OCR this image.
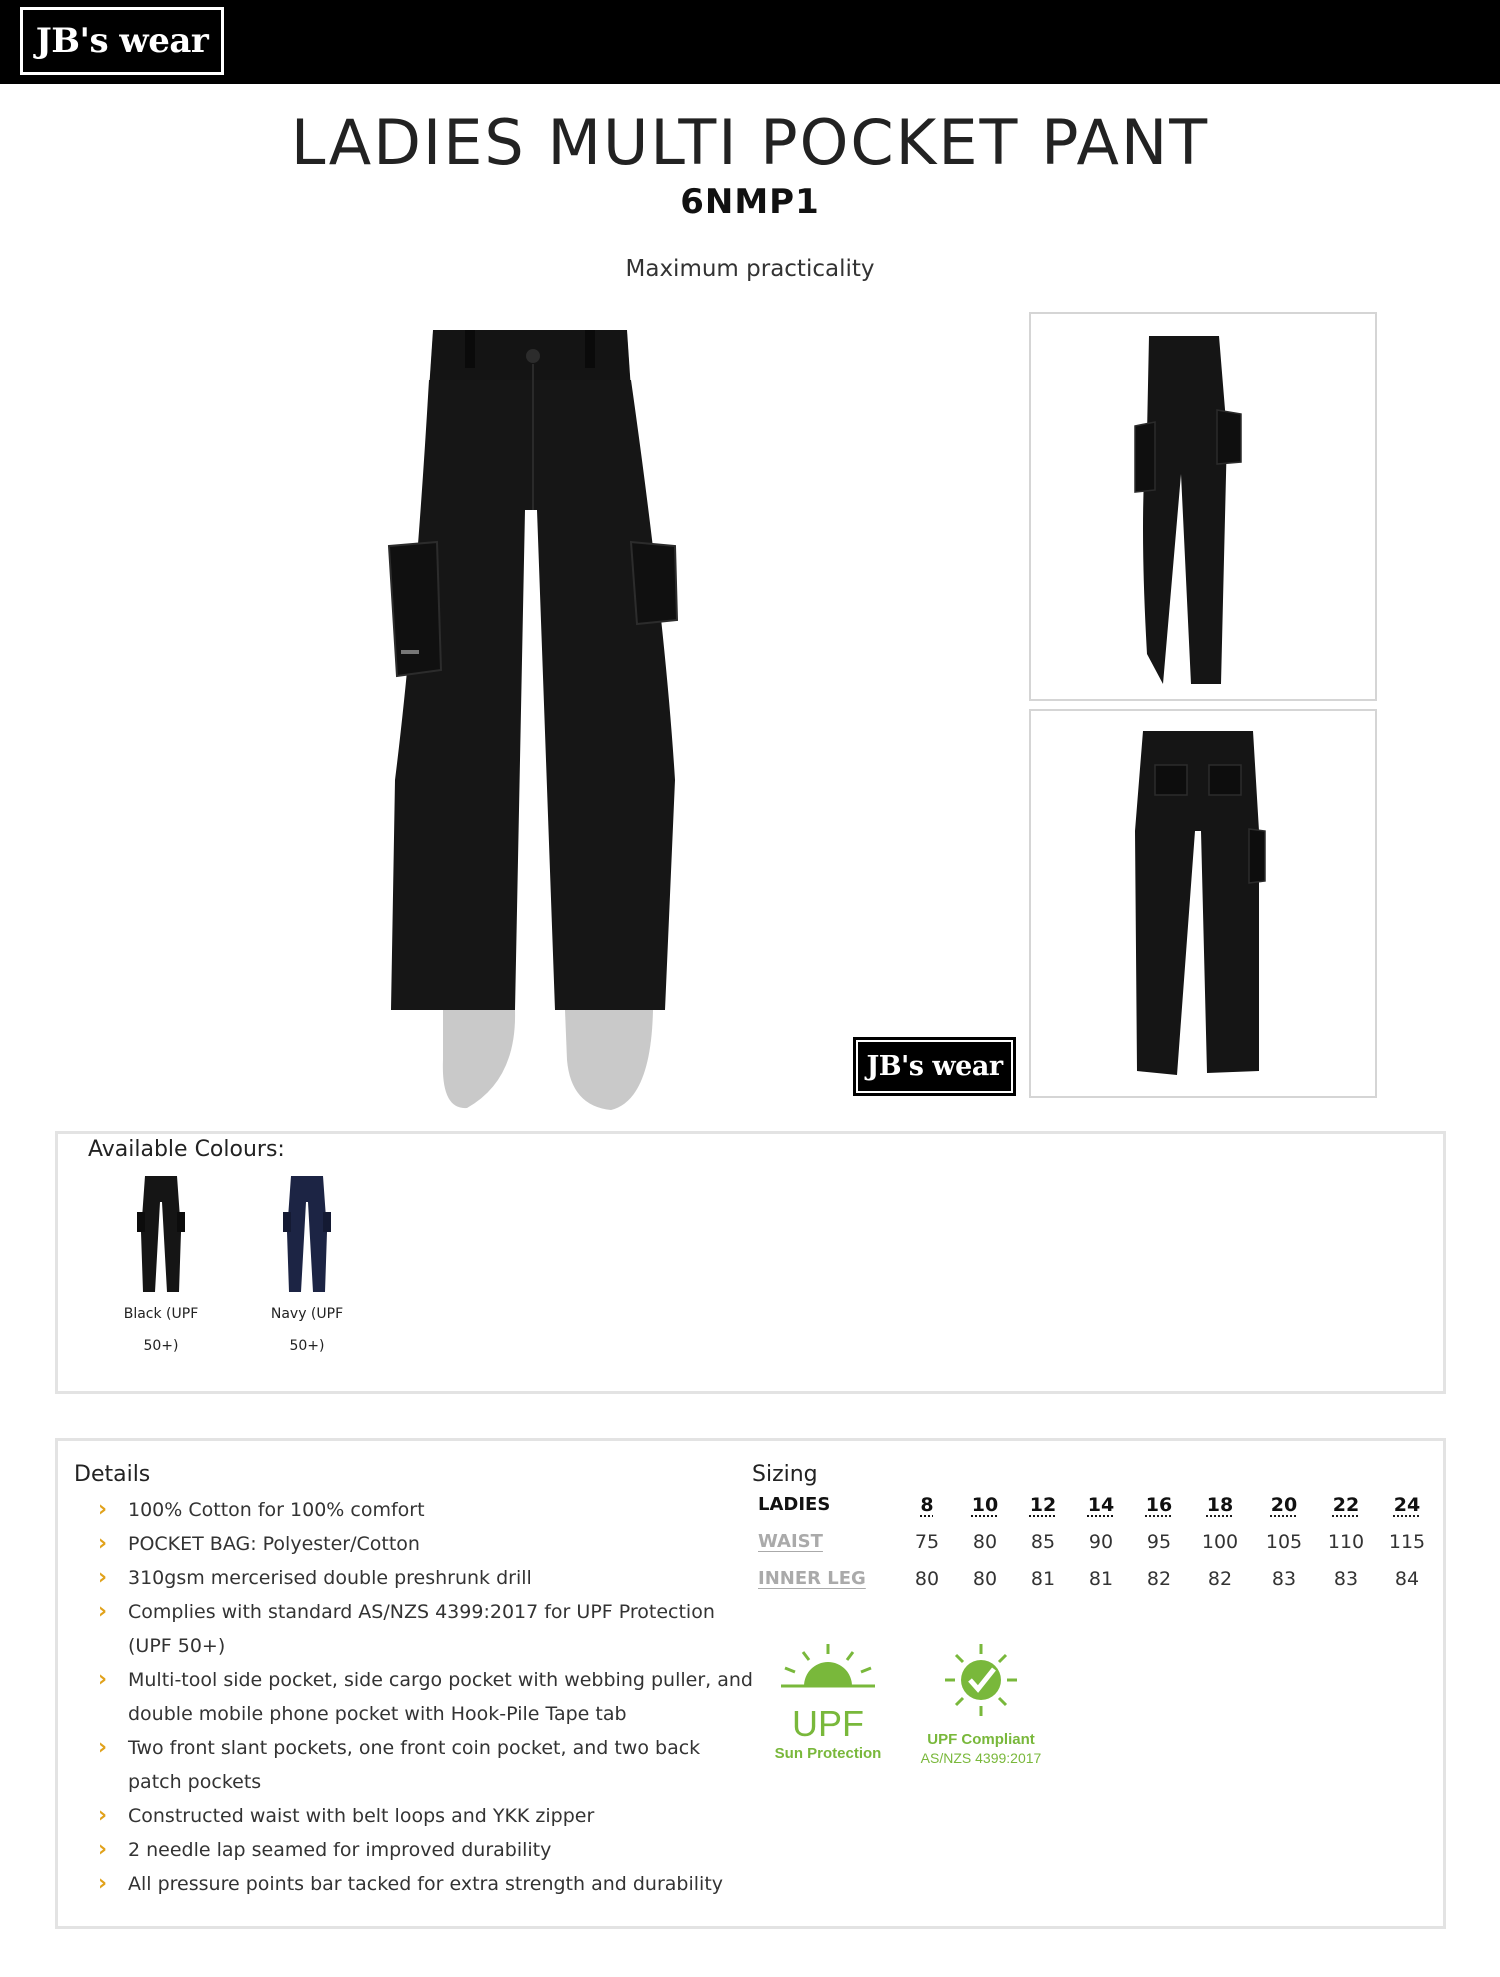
JB's wear
LADIES MULTI POCKET PANT
6NMP1
Maximum practicality
JB's wear
Available Colours:
Black (UPF
50+)
Navy (UPF
50+)
Details
› 100% Cotton for 100% comfort
› POCKET BAG: Polyester/Cotton
› 310gsm mercerised double preshrunk drill
› Complies with standard AS/NZS 4399:2017 for UPF Protection (UPF 50+)
› Multi-tool side pocket, side cargo pocket with webbing puller, and double mobile phone pocket with Hook-Pile Tape tab
› Two front slant pockets, one front coin pocket, and two back patch pockets
› Constructed waist with belt loops and YKK zipper
› 2 needle lap seamed for improved durability
› All pressure points bar tacked for extra strength and durability
Sizing
LADIES	8	10	12	14	16	18	20	22	24
WAIST	75	80	85	90	95	100	105	110	115
INNER LEG	80	80	81	81	82	82	83	83	84
UPF
Sun Protection
UPF Compliant
AS/NZS 4399:2017
